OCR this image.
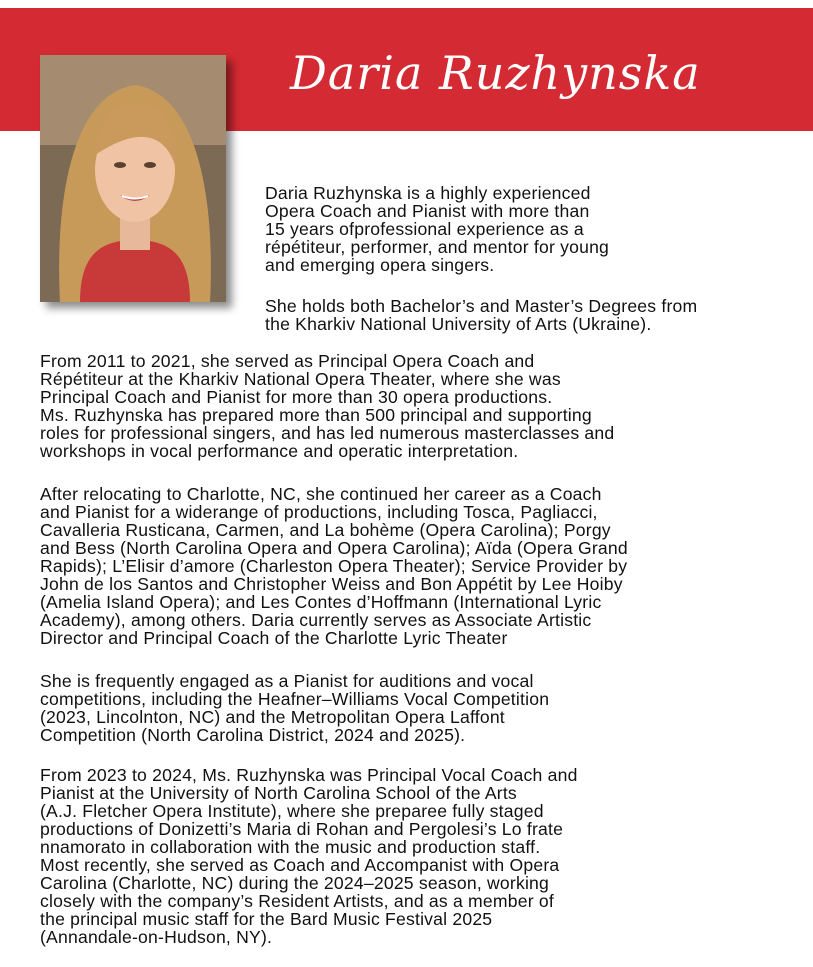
Daria Ruzhynska
Daria Ruzhynska is a highly experienced
Opera Coach and Pianist with more than
15 years ofprofessional experience as a
répétiteur, performer, and mentor for young
and emerging opera singers.
She holds both Bachelor’s and Master’s Degrees from
the Kharkiv National University of Arts (Ukraine).
From 2011 to 2021, she served as Principal Opera Coach and
Répétiteur at the Kharkiv National Opera Theater, where she was
Principal Coach and Pianist for more than 30 opera productions.
Ms. Ruzhynska has prepared more than 500 principal and supporting
roles for professional singers, and has led numerous masterclasses and
workshops in vocal performance and operatic interpretation.
After relocating to Charlotte, NC, she continued her career as a Coach
and Pianist for a widerange of productions, including Tosca, Pagliacci,
Cavalleria Rusticana, Carmen, and La bohème (Opera Carolina); Porgy
and Bess (North Carolina Opera and Opera Carolina); Aïda (Opera Grand
Rapids); L’Elisir d’amore (Charleston Opera Theater); Service Provider by
John de los Santos and Christopher Weiss and Bon Appétit by Lee Hoiby
(Amelia Island Opera); and Les Contes d’Hoffmann (International Lyric
Academy), among others. Daria currently serves as Associate Artistic
Director and Principal Coach of the Charlotte Lyric Theater
She is frequently engaged as a Pianist for auditions and vocal
competitions, including the Heafner–Williams Vocal Competition
(2023, Lincolnton, NC) and the Metropolitan Opera Laffont
Competition (North Carolina District, 2024 and 2025).
From 2023 to 2024, Ms. Ruzhynska was Principal Vocal Coach and
Pianist at the University of North Carolina School of the Arts
(A.J. Fletcher Opera Institute), where she preparee fully staged
productions of Donizetti’s Maria di Rohan and Pergolesi’s Lo frate
nnamorato in collaboration with the music and production staff.
Most recently, she served as Coach and Accompanist with Opera
Carolina (Charlotte, NC) during the 2024–2025 season, working
closely with the company’s Resident Artists, and as a member of
the principal music staff for the Bard Music Festival 2025
(Annandale-on-Hudson, NY).
